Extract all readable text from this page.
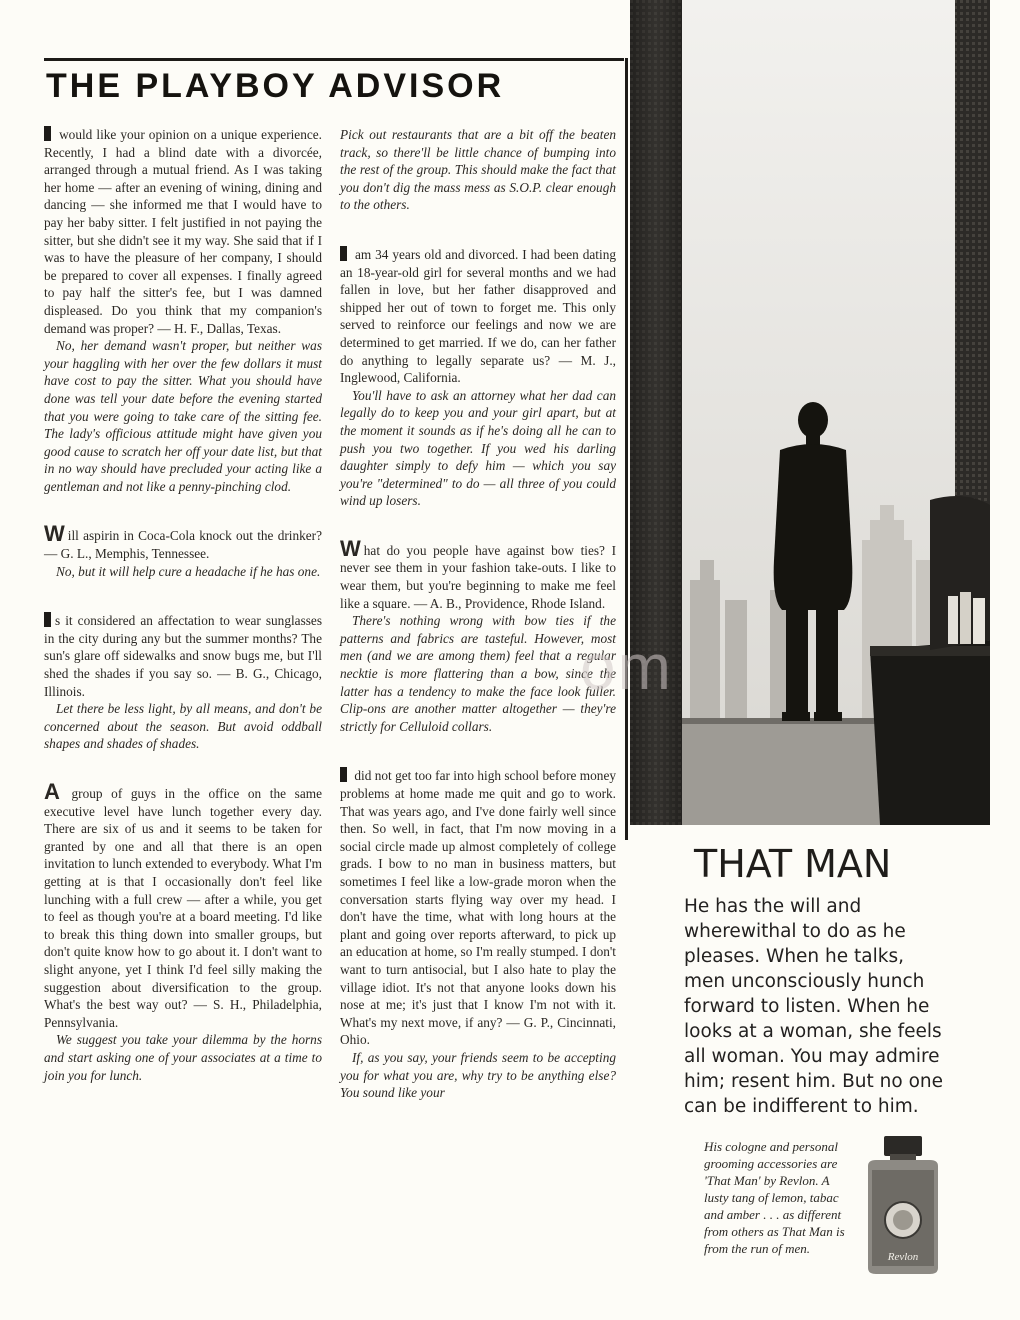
THE PLAYBOY ADVISOR

would like your opinion on a unique experience. Recently, I had a blind date with a divorcée, arranged through a mutual friend. As I was taking her home — after an evening of wining, dining and dancing — she informed me that I would have to pay her baby sitter. I felt justified in not paying the sitter, but she didn't see it my way. She said that if I was to have the pleasure of her company, I should be prepared to cover all expenses. I finally agreed to pay half the sitter's fee, but I was damned displeased. Do you think that my companion's demand was proper? — H. F., Dallas, Texas.

No, her demand wasn't proper, but neither was your haggling with her over the few dollars it must have cost to pay the sitter. What you should have done was tell your date before the evening started that you were going to take care of the sitting fee. The lady's officious attitude might have given you good cause to scratch her off your date list, but that in no way should have precluded your acting like a gentleman and not like a penny-pinching clod.

Will aspirin in Coca-Cola knock out the drinker? — G. L., Memphis, Tennessee.

No, but it will help cure a headache if he has one.

s it considered an affectation to wear sunglasses in the city during any but the summer months? The sun's glare off sidewalks and snow bugs me, but I'll shed the shades if you say so. — B. G., Chicago, Illinois.

Let there be less light, by all means, and don't be concerned about the season. But avoid oddball shapes and shades of shades.

A group of guys in the office on the same executive level have lunch together every day. There are six of us and it seems to be taken for granted by one and all that there is an open invitation to lunch extended to everybody. What I'm getting at is that I occasionally don't feel like lunching with a full crew — after a while, you get to feel as though you're at a board meeting. I'd like to break this thing down into smaller groups, but don't quite know how to go about it. I don't want to slight anyone, yet I think I'd feel silly making the suggestion about diversification to the group. What's the best way out? — S. H., Philadelphia, Pennsylvania.

We suggest you take your dilemma by the horns and start asking one of your associates at a time to join you for lunch.

Pick out restaurants that are a bit off the beaten track, so there'll be little chance of bumping into the rest of the group. This should make the fact that you don't dig the mass mess as S.O.P. clear enough to the others.

am 34 years old and divorced. I had been dating an 18-year-old girl for several months and we had fallen in love, but her father disapproved and shipped her out of town to forget me. This only served to reinforce our feelings and now we are determined to get married. If we do, can her father do anything to legally separate us? — M. J., Inglewood, California.

You'll have to ask an attorney what her dad can legally do to keep you and your girl apart, but at the moment it sounds as if he's doing all he can to push you two together. If you wed his darling daughter simply to defy him — which you say you're "determined" to do — all three of you could wind up losers.

What do you people have against bow ties? I never see them in your fashion take-outs. I like to wear them, but you're beginning to make me feel like a square. — A. B., Providence, Rhode Island.

There's nothing wrong with bow ties if the patterns and fabrics are tasteful. However, most men (and we are among them) feel that a regular necktie is more flattering than a bow, since the latter has a tendency to make the face look fuller. Clip-ons are another matter altogether — they're strictly for Celluloid collars.

did not get too far into high school before money problems at home made me quit and go to work. That was years ago, and I've done fairly well since then. So well, in fact, that I'm now moving in a social circle made up almost completely of college grads. I bow to no man in business matters, but sometimes I feel like a low-grade moron when the conversation starts flying way over my head. I don't have the time, what with long hours at the plant and going over reports afterward, to pick up an education at home, so I'm really stumped. I don't want to turn antisocial, but I also hate to play the village idiot. It's not that anyone looks down his nose at me; it's just that I know I'm not with it. What's my next move, if any? — G. P., Cincinnati, Ohio.

If, as you say, your friends seem to be accepting you for what you are, why try to be anything else? You sound like your

om
THAT MAN
He has the will and wherewithal to do as he pleases. When he talks, men unconsciously hunch forward to listen. When he looks at a woman, she feels all woman. You may admire him; resent him. But no one can be indifferent to him.
His cologne and personal grooming accessories are 'That Man' by Revlon. A lusty tang of lemon, tabac and amber . . . as different from others as That Man is from the run of men.
Revlon
